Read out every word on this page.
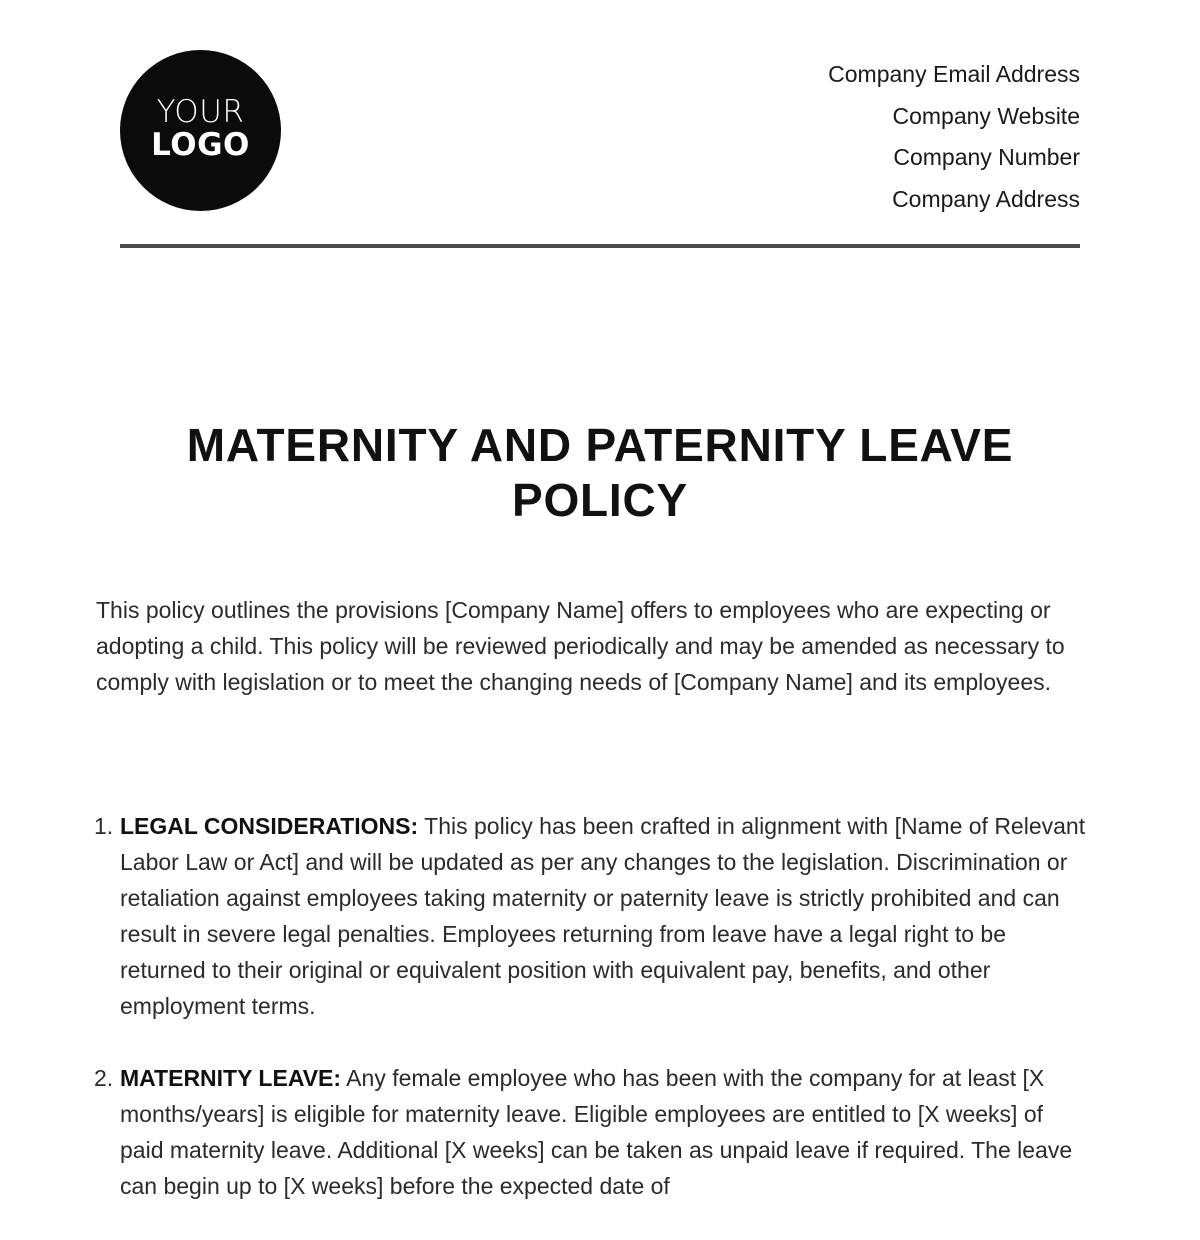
YOUR
LOGO
Company Email Address
Company Website
Company Number
Company Address
MATERNITY AND PATERNITY LEAVE POLICY

This policy outlines the provisions [Company Name] offers to employees who are expecting or adopting a child. This policy will be reviewed periodically and may be amended as necessary to comply with legislation or to meet the changing needs of [Company Name] and its employees.

1. LEGAL CONSIDERATIONS: This policy has been crafted in alignment with [Name of Relevant Labor Law or Act] and will be updated as per any changes to the legislation. Discrimination or retaliation against employees taking maternity or paternity leave is strictly prohibited and can result in severe legal penalties. Employees returning from leave have a legal right to be returned to their original or equivalent position with equivalent pay, benefits, and other employment terms.
2. MATERNITY LEAVE: Any female employee who has been with the company for at least [X months/years] is eligible for maternity leave. Eligible employees are entitled to [X weeks] of paid maternity leave. Additional [X weeks] can be taken as unpaid leave if required. The leave can begin up to [X weeks] before the expected date of
